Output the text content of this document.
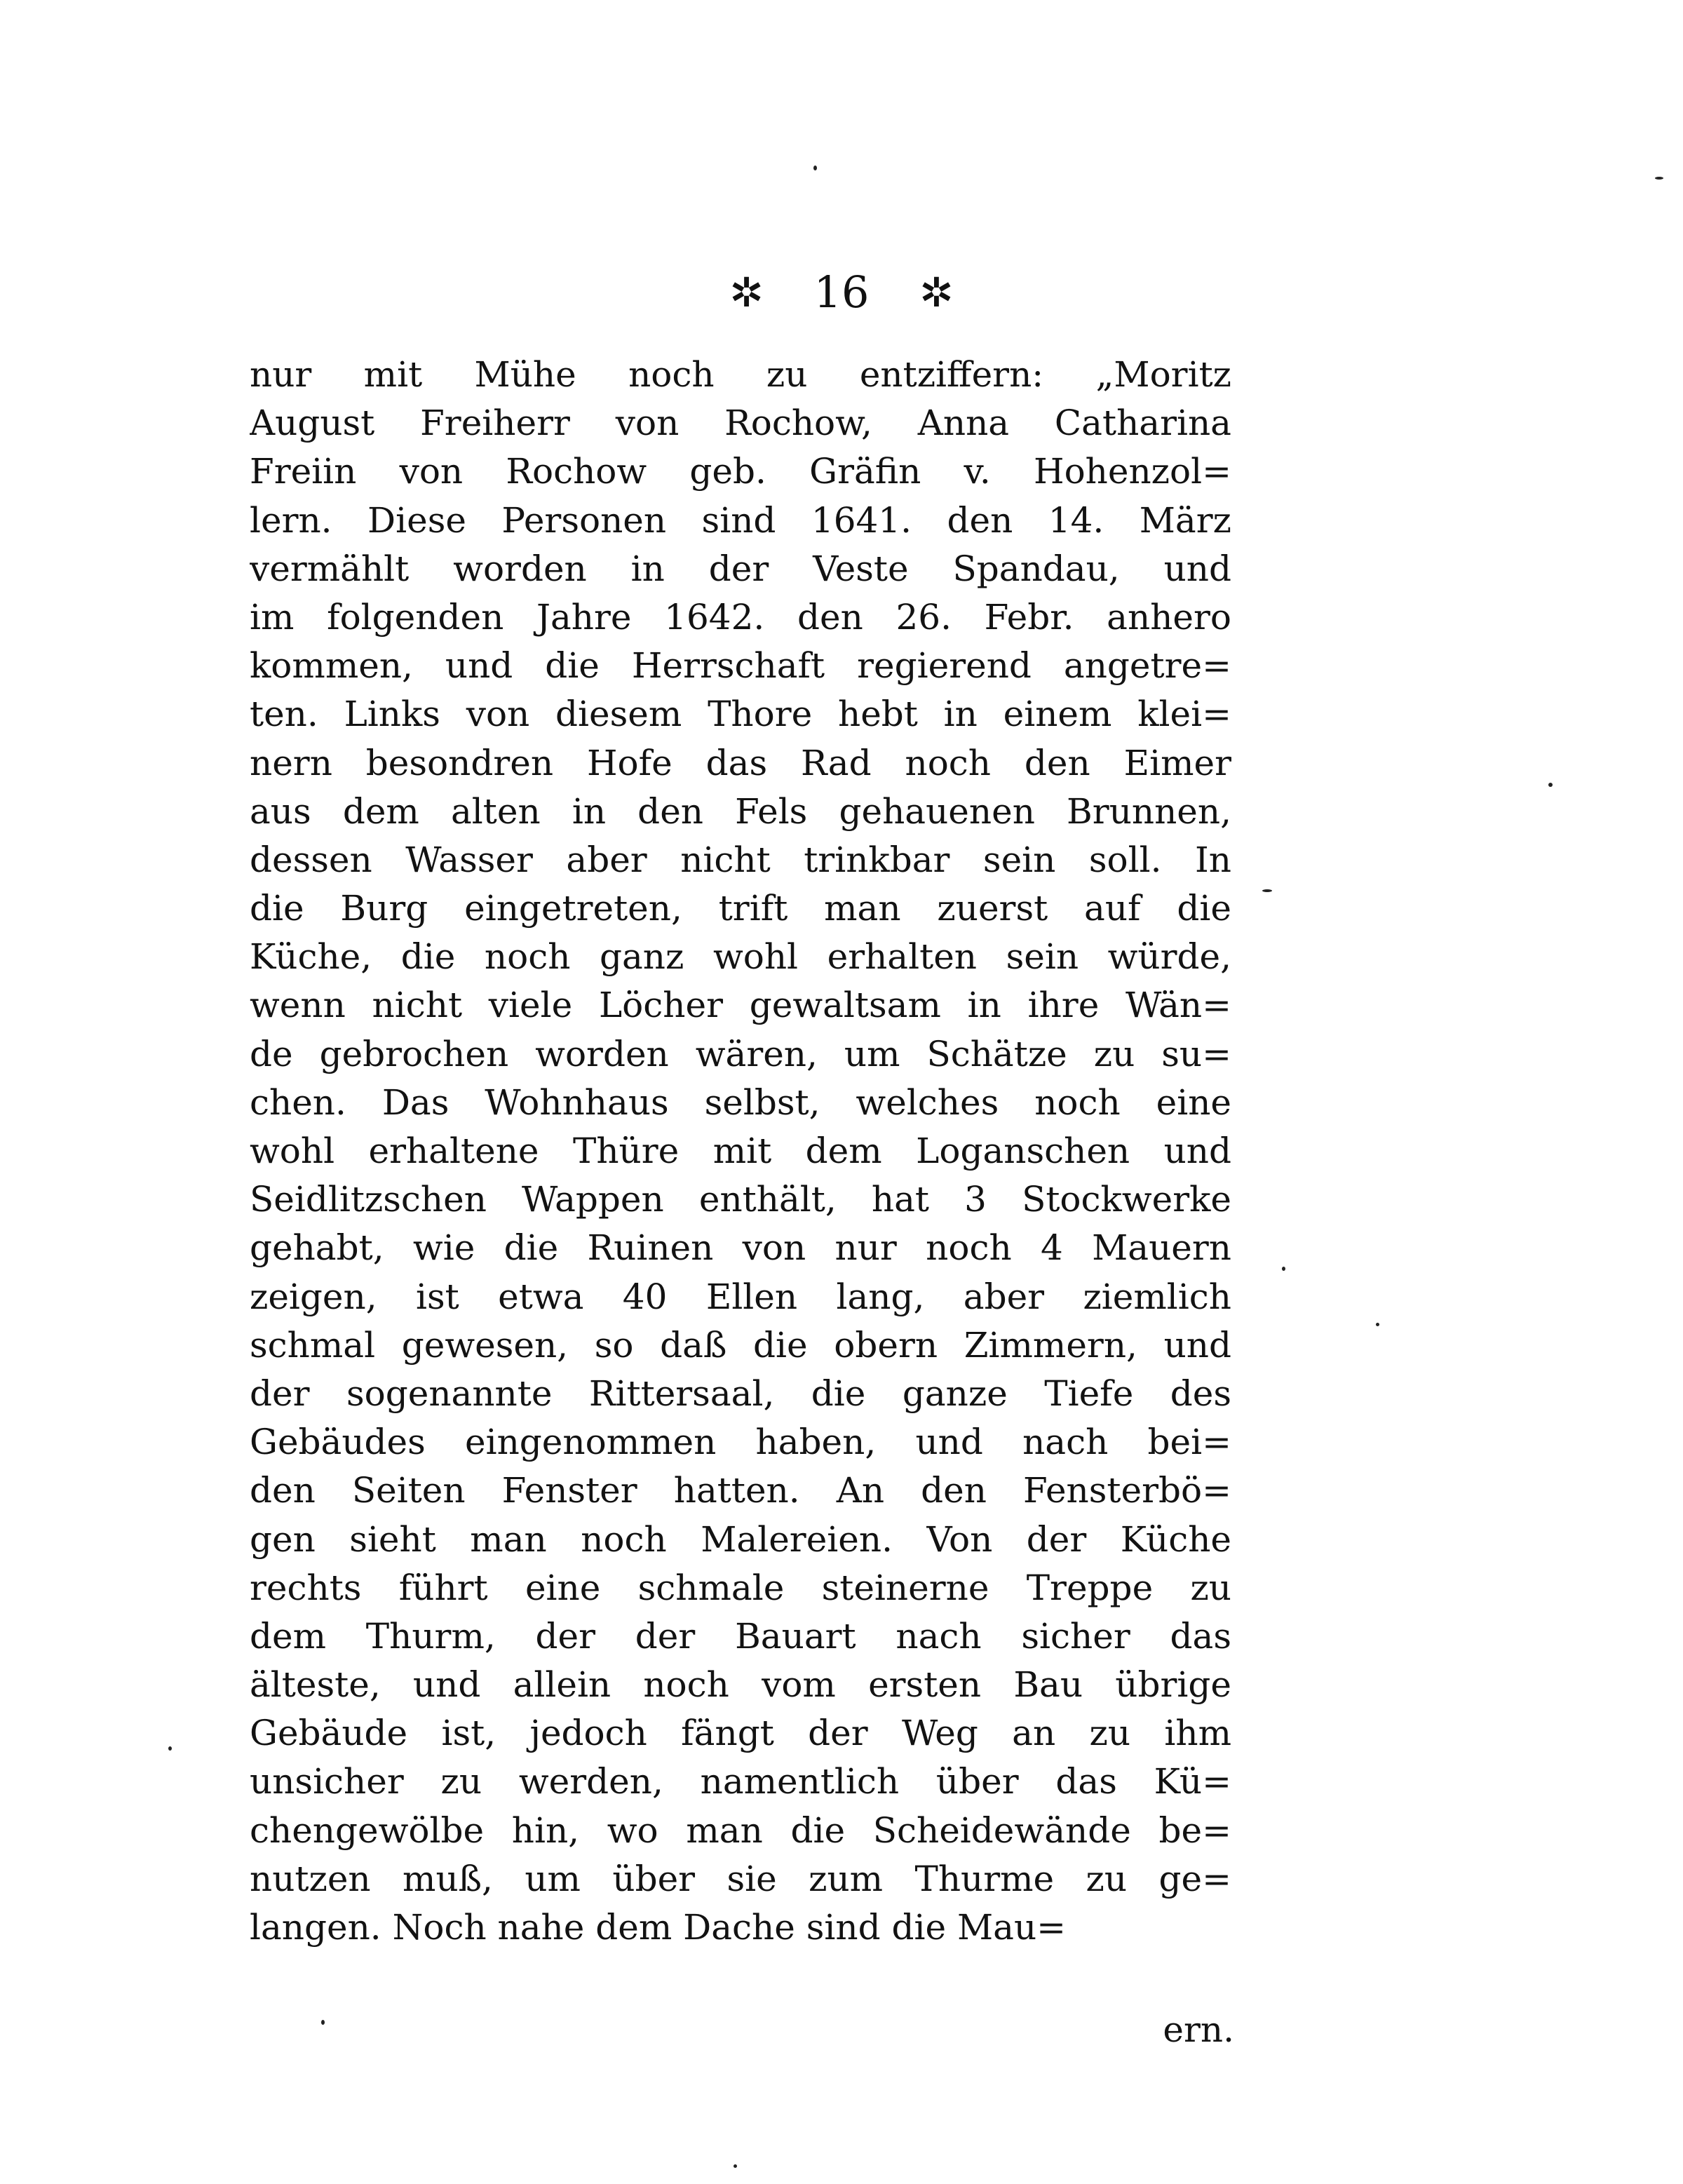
✲ 16 ✲
nur mit Mühe noch zu entziffern: „Moritz
August Freiherr von Rochow, Anna Catharina
Freiin von Rochow geb. Gräfin v. Hohenzol=
lern. Diese Personen sind 1641. den 14. März
vermählt worden in der Veste Spandau, und
im folgenden Jahre 1642. den 26. Febr. anhero
kommen, und die Herrschaft regierend angetre=
ten. Links von diesem Thore hebt in einem klei=
nern besondren Hofe das Rad noch den Eimer
aus dem alten in den Fels gehauenen Brunnen,
dessen Wasser aber nicht trinkbar sein soll. In
die Burg eingetreten, trift man zuerst auf die
Küche, die noch ganz wohl erhalten sein würde,
wenn nicht viele Löcher gewaltsam in ihre Wän=
de gebrochen worden wären, um Schätze zu su=
chen. Das Wohnhaus selbst, welches noch eine
wohl erhaltene Thüre mit dem Loganschen und
Seidlitzschen Wappen enthält, hat 3 Stockwerke
gehabt, wie die Ruinen von nur noch 4 Mauern
zeigen, ist etwa 40 Ellen lang, aber ziemlich
schmal gewesen, so daß die obern Zimmern, und
der sogenannte Rittersaal, die ganze Tiefe des
Gebäudes eingenommen haben, und nach bei=
den Seiten Fenster hatten. An den Fensterbö=
gen sieht man noch Malereien. Von der Küche
rechts führt eine schmale steinerne Treppe zu
dem Thurm, der der Bauart nach sicher das
älteste, und allein noch vom ersten Bau übrige
Gebäude ist, jedoch fängt der Weg an zu ihm
unsicher zu werden, namentlich über das Kü=
chengewölbe hin, wo man die Scheidewände be=
nutzen muß, um über sie zum Thurme zu ge=
langen. Noch nahe dem Dache sind die Mau=
ern.
